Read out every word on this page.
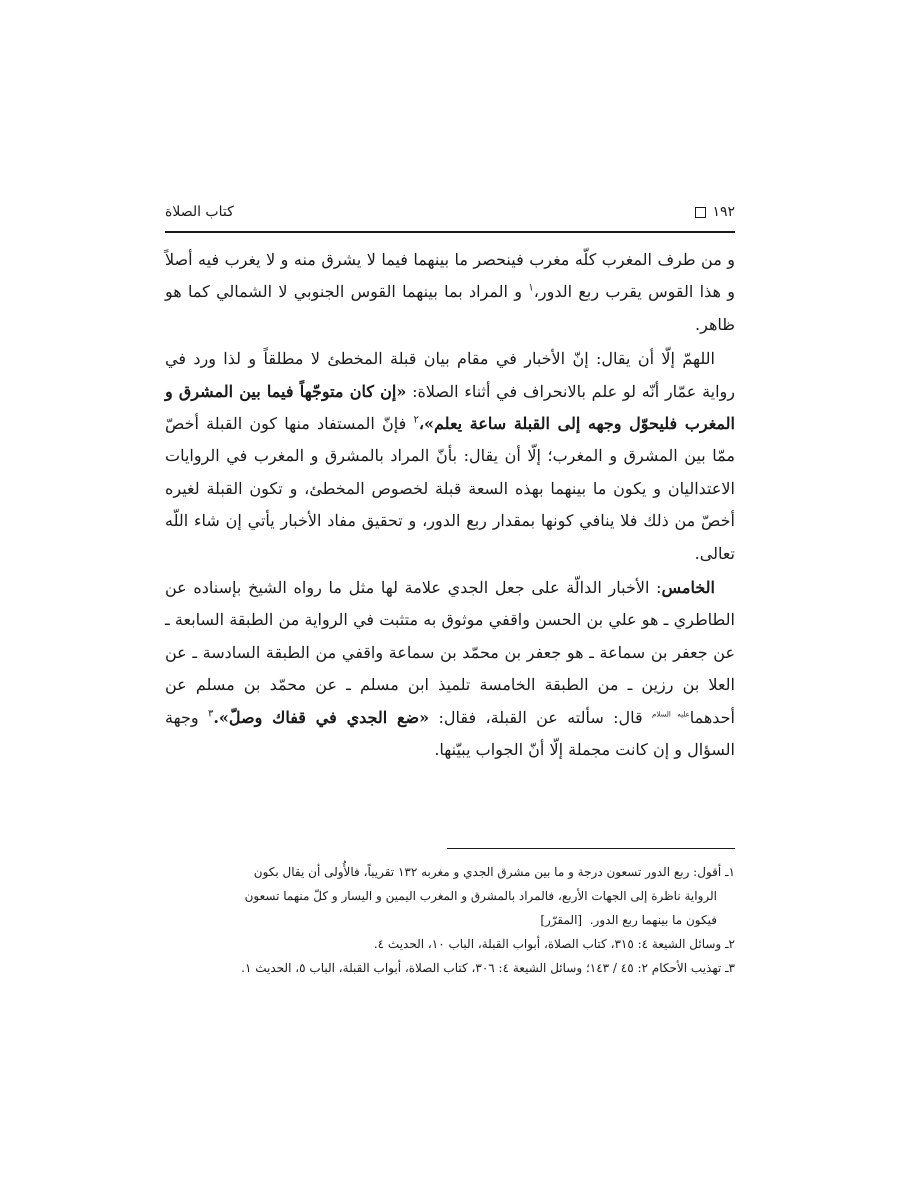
١٩٢
كتاب الصلاة

و من طرف المغرب كلّه مغرب فينحصر ما بينهما فيما لا يشرق منه و لا يغرب فيه أصلاً و هذا القوس يقرب ربع الدور،$^١$ و المراد بما بينهما القوس الجنوبي لا الشمالي كما هو ظاهر.

اللهمّ إلّا أن يقال: إنّ الأخبار في مقام بيان قبلة المخطئ لا مطلقاً و لذا ورد في رواية عمّار أنّه لو علم بالانحراف في أثناء الصلاة: «إن كان متوجّهاً فيما بين المشرق و المغرب فليحوّل وجهه إلى القبلة ساعة يعلم»،$^٢$ فإنّ المستفاد منها كون القبلة أخصّ ممّا بين المشرق و المغرب؛ إلّا أن يقال: بأنّ المراد بالمشرق و المغرب في الروايات الاعتداليان و يكون ما بينهما بهذه السعة قبلة لخصوص المخطئ، و تكون القبلة لغيره أخصّ من ذلك فلا ينافي كونها بمقدار ربع الدور، و تحقيق مفاد الأخبار يأتي إن شاء اللّه تعالى.

الخامس: الأخبار الدالّة على جعل الجدي علامة لها مثل ما رواه الشيخ بإسناده عن الطاطري ـ هو علي بن الحسن واقفي موثوق به متثبت في الرواية من الطبقة السابعة ـ عن جعفر بن سماعة ـ هو جعفر بن محمّد بن سماعة واقفي من الطبقة السادسة ـ عن العلا بن رزين ـ من الطبقة الخامسة تلميذ ابن مسلم ـ عن محمّد بن مسلم عن أحدهما$^{عليه السلام}$ قال: سألته عن القبلة، فقال: «ضع الجدي في قفاك وصلّ».$^٣$ وجهة السؤال و إن كانت مجملة إلّا أنّ الجواب يبيّنها.

١ـ أقول: ربع الدور تسعون درجة و ما بين مشرق الجدي و مغربه ١٣٢ تقريباً، فالأُولى أن يقال بكون

الرواية ناظرة إلى الجهات الأربع، فالمراد بالمشرق و المغرب اليمين و اليسار و كلّ منهما تسعون

فيكون ما بينهما ربع الدور.  [المقرّر]

٢ـ وسائل الشيعة ٤: ٣١٥، كتاب الصلاة، أبواب القبلة، الباب ١٠، الحديث ٤.

٣ـ تهذيب الأحكام ٢: ٤٥ / ١٤٣؛ وسائل الشيعة ٤: ٣٠٦، كتاب الصلاة، أبواب القبلة، الباب ٥، الحديث ١.
